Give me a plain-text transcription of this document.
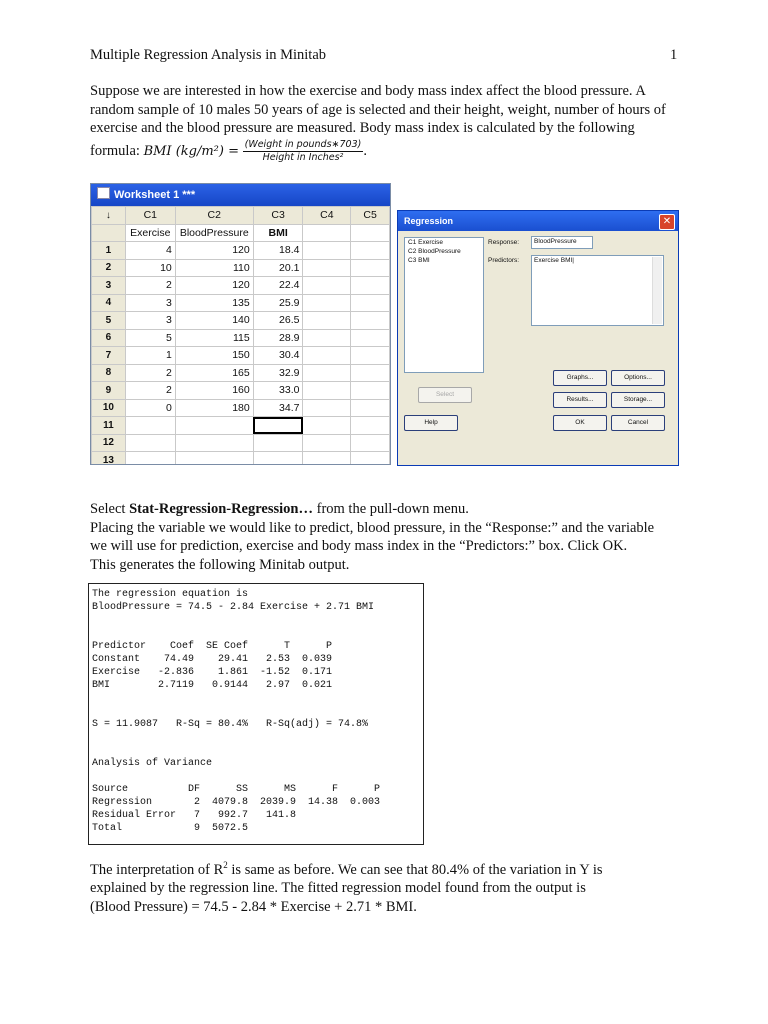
Multiple Regression Analysis in Minitab	1
Suppose we are interested in how the exercise and body mass index affect the blood pressure. A
random sample of 10 males 50 years of age is selected and their height, weight, number of hours of
exercise and the blood pressure are measured. Body mass index is calculated by the following
formula: BMI $(kg/m^2) = \frac{\text{(Weight in pounds∗703)}}{\text{Height in Inches²}}$ .
Worksheet 1 ***
↓	C1	C2	C3	C4	C5
	Exercise	BloodPressure	BMI		
1	4	120	18.4		
2	10	110	20.1		
3	2	120	22.4		
4	3	135	25.9		
5	3	140	26.5		
6	5	115	28.9		
7	1	150	30.4		
8	2	165	32.9		
9	2	160	33.0		
10	0	180	34.7		
11					
12					
13					
Regression	✕
C1 Exercise
C2 BloodPressure
C3 BMI
Response:	BloodPressure
Predictors:	Exercise BMI|
Select
Help
Graphs...	Options...
Results...	Storage...
OK	Cancel
Select Stat-Regression-Regression… from the pull-down menu.
Placing the variable we would like to predict, blood pressure, in the “Response:” and the variable
we will use for prediction, exercise and body mass index in the “Predictors:” box. Click OK.
This generates the following Minitab output.
The regression equation is
BloodPressure = 74.5 - 2.84 Exercise + 2.71 BMI

Predictor    Coef  SE Coef      T      P
Constant    74.49    29.41   2.53  0.039
Exercise   -2.836    1.861  -1.52  0.171
BMI        2.7119   0.9144   2.97  0.021

S = 11.9087   R-Sq = 80.4%   R-Sq(adj) = 74.8%

Analysis of Variance

Source          DF      SS      MS      F      P
Regression       2  4079.8  2039.9  14.38  0.003
Residual Error   7   992.7   141.8
Total            9  5072.5
The interpretation of $R^2$ is same as before. We can see that 80.4% of the variation in Y is
explained by the regression line. The fitted regression model found from the output is
(Blood Pressure) = 74.5 - 2.84 * Exercise + 2.71 * BMI.
